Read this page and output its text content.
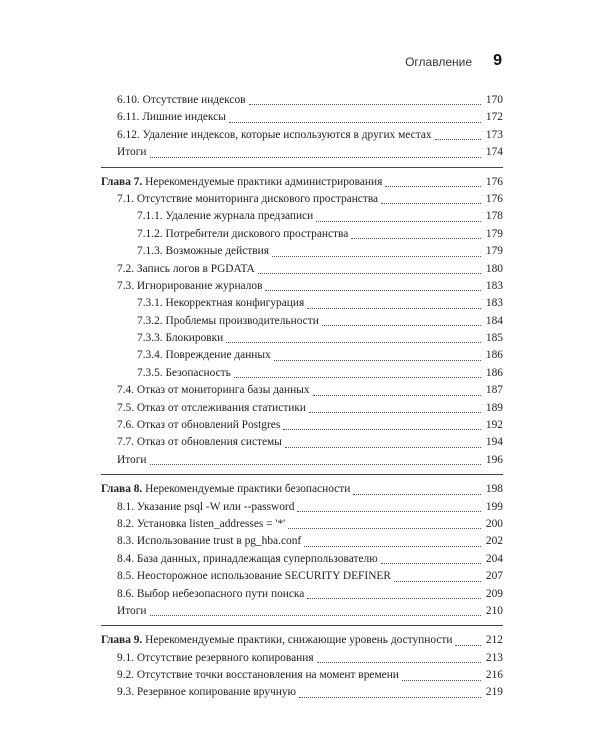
Оглавление 9
6.10. Отсутствие индексов	170
6.11. Лишние индексы	172
6.12. Удаление индексов, которые используются в других местах	173
Итоги	174
Глава 7. Нерекомендуемые практики администрирования	176
7.1. Отсутствие мониторинга дискового пространства	176
7.1.1. Удаление журнала предзаписи	178
7.1.2. Потребители дискового пространства	179
7.1.3. Возможные действия	179
7.2. Запись логов в PGDATA	180
7.3. Игнорирование журналов	183
7.3.1. Некорректная конфигурация	183
7.3.2. Проблемы производительности	184
7.3.3. Блокировки	185
7.3.4. Повреждение данных	186
7.3.5. Безопасность	186
7.4. Отказ от мониторинга базы данных	187
7.5. Отказ от отслеживания статистики	189
7.6. Отказ от обновлений Postgres	192
7.7. Отказ от обновления системы	194
Итоги	196
Глава 8. Нерекомендуемые практики безопасности	198
8.1. Указание psql -W или --password	199
8.2. Установка listen_addresses = '*'	200
8.3. Использование trust в pg_hba.conf	202
8.4. База данных, принадлежащая суперпользователю	204
8.5. Неосторожное использование SECURITY DEFINER	207
8.6. Выбор небезопасного пути поиска	209
Итоги	210
Глава 9. Нерекомендуемые практики, снижающие уровень доступности	212
9.1. Отсутствие резервного копирования	213
9.2. Отсутствие точки восстановления на момент времени	216
9.3. Резервное копирование вручную	219
